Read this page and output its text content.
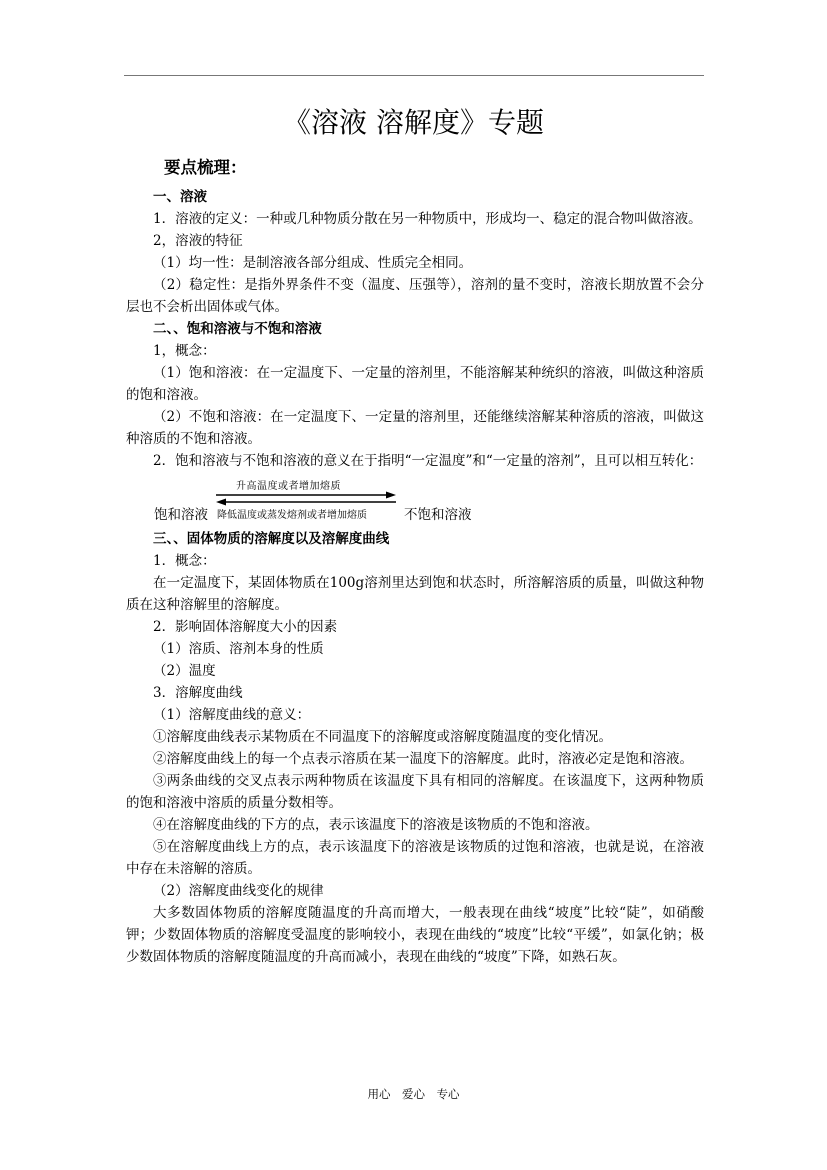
《溶液 溶解度》专题
要点梳理：

一、溶液

1．溶液的定义：一种或几种物质分散在另一种物质中，形成均一、稳定的混合物叫做溶液。

2，溶液的特征

（1）均一性：是制溶液各部分组成、性质完全相同。

（2）稳定性：是指外界条件不变（温度、压强等），溶剂的量不变时，溶液长期放置不会分层也不会析出固体或气体。

二、、饱和溶液与不饱和溶液

1，概念：

（1）饱和溶液：在一定温度下、一定量的溶剂里，不能溶解某种统织的溶液，叫做这种溶质的饱和溶液。

（2）不饱和溶液：在一定温度下、一定量的溶剂里，还能继续溶解某种溶质的溶液，叫做这种溶质的不饱和溶液。

2．饱和溶液与不饱和溶液的意义在于指明“一定温度”和“一定量的溶剂”，且可以相互转化：

升高温度或者增加熔质
饱和溶液 降低温度或蒸发熔剂或者增加熔质	不饱和溶液

三、、固体物质的溶解度以及溶解度曲线

1．概念：

在一定温度下，某固体物质在100g溶剂里达到饱和状态时，所溶解溶质的质量，叫做这种物质在这种溶解里的溶解度。

2．影响固体溶解度大小的因素

（1）溶质、溶剂本身的性质

（2）温度

3．溶解度曲线

（1）溶解度曲线的意义：

①溶解度曲线表示某物质在不同温度下的溶解度或溶解度随温度的变化情况。

②溶解度曲线上的每一个点表示溶质在某一温度下的溶解度。此时，溶液必定是饱和溶液。

③两条曲线的交叉点表示两种物质在该温度下具有相同的溶解度。在该温度下，这两种物质的饱和溶液中溶质的质量分数相等。

④在溶解度曲线的下方的点，表示该温度下的溶液是该物质的不饱和溶液。

⑤在溶解度曲线上方的点，表示该温度下的溶液是该物质的过饱和溶液，也就是说，在溶液中存在未溶解的溶质。

（2）溶解度曲线变化的规律

大多数固体物质的溶解度随温度的升高而增大，一般表现在曲线“坡度”比较“陡”，如硝酸钾；少数固体物质的溶解度受温度的影响较小，表现在曲线的“坡度”比较“平缓”，如氯化钠；极少数固体物质的溶解度随温度的升高而减小，表现在曲线的“坡度”下降，如熟石灰。

用心　爱心　专心
